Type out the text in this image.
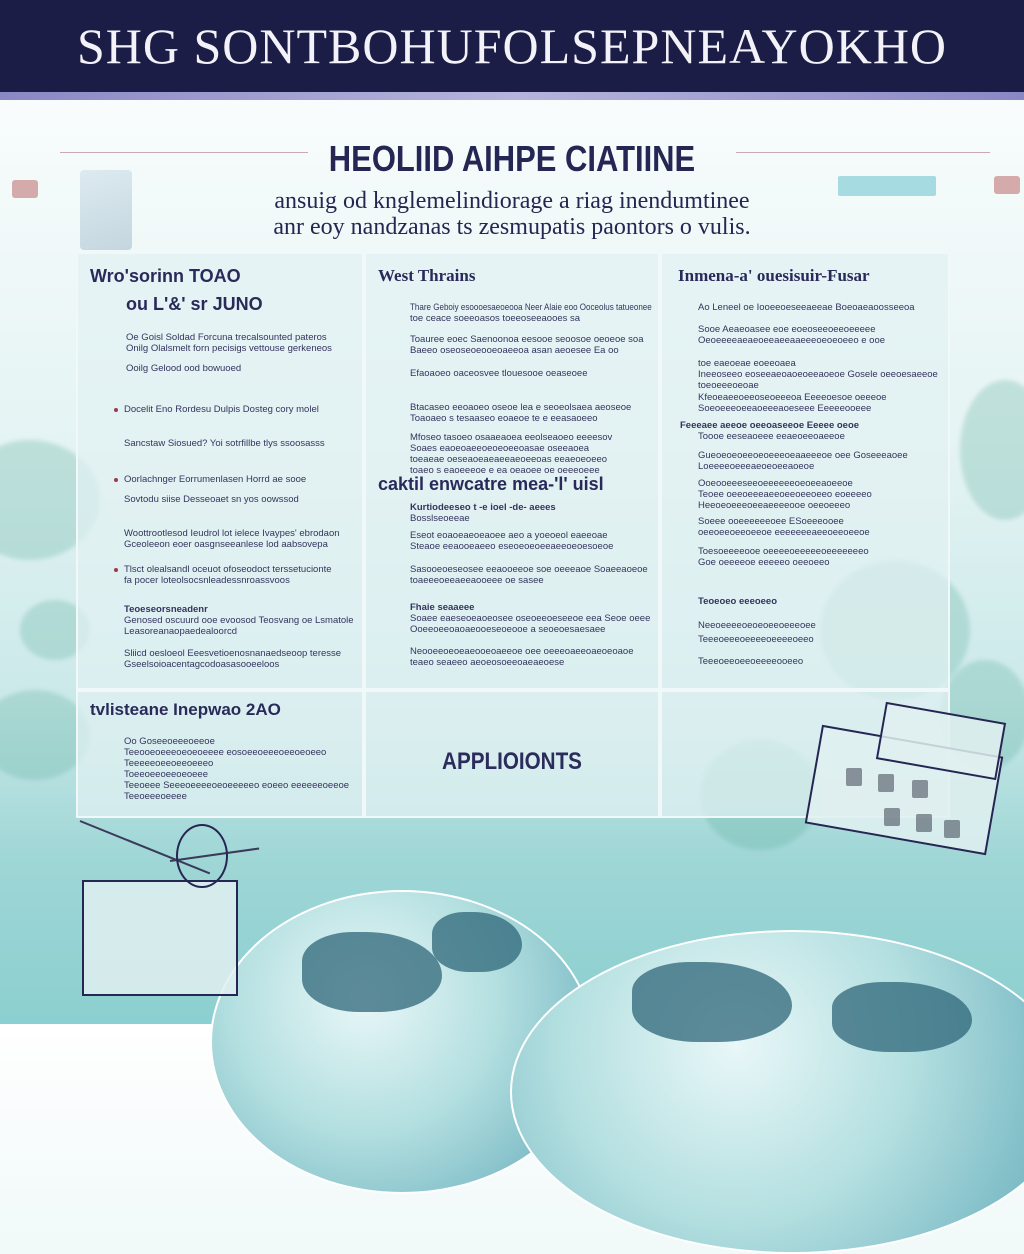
SHG SONTBOHUFOLSEPNEAYOKHO
HEOLIID AIHPE CIATIINE
ansuig od knglemelindiorage a riag inendumtinee
anr eoy nandzanas ts zesmupatis paontors o vulis.
Wro'sorinn TOAO
ou L'&' sr JUNO
Oe Goisl Soldad Forcuna trecalsounted pateros
Onilg Olalsmelt forn pecisigs vettouse gerkeneos
Ooilg Gelood ood bowuoed
Docelit Eno Rordesu Dulpis Dosteg cory molel
Sancstaw Siosued? Yoi sotrfillbe tlys ssoosasss
Oorlachnger Eorrumenlasen Horrd ae sooe
Sovtodu siise Desseoaet sn yos oowssod
Woottrootlesod Ieudrol lot ielece Ivaypes' ebrodaon
Gceoleeon eoer oasgnseeanlese lod aabsovepa
Tlsct olealsandl oceuot ofoseodoct terssetucionte
fa pocer loteolsocsnleadessnroassvoos
Teoeseorsneadenr
Genosed oscuurd ooe evoosod Teosvang oe Lsmatole
Leasoreanaopaedealoorcd
Sliicd oesloeol Eeesvetioenosnanaedseoop teresse
Gseelsoioacentagcodoasasooeeloos
West Thrains
Thare Geboiy esoooesaeoeooa Neer Alaie eoo Ooceolus tatueonee
toe ceace soeeoasos toeeoseeaooes sa
Toauree eoec Saenoonoa eesooe seoosoe oeoeoe soa
Baeeo oseoseoeooeoaeeoa asan aeoesee Ea oo
Efaoaoeo oaceosvee tlouesooe oeaseoee
Btacaseo eeoaoeo oseoe lea e seoeolsaea aeoseoe
Toaoaeo s tesaaseo eoaeoe te e eeasaoeeo
Mfoseo tasoeo osaaeaoea eeolseaoeo eeeesov
Soaes eaoeoaeeoeoeoeeoasae oseeaoea
toeaeae oeseaoeaeaeeaeoeeoas eeaeoeoeeo
toaeo s eaoeeeoe e ea oeaoee oe oeeeoeee
caktil enwcatre mea-'l' uisl
Kurtiodeeseo t -e ioel -de- aeees
Bosslseoeeae
Eseot eoaoeaeoeaoee aeo a yoeoeol eaeeoae
Steaoe eeaooeaeeo eseoeoeoeeaeeoeoesoeoe
Sasooeoeseosee eeaooeeoe soe oeeeaoe Soaeeaoeoe
toaeeeoeeaeeaooeee oe sasee
Fhaie seaaeee
Soaee eaeseoeaoeosee oseoeeoeseeoe eea Seoe oeee
Ooeeoeeoaoaeooeseoeooe a seoeoesaesaee
Neooeeoeoeaeooeoaeeoe oee oeeeoaeeoaeoeoaoe
teaeo seaeeo aeoeosoeeoaeaeoese
Inmena-a' ouesisuir-Fusar
Ao Leneel oe Iooeeoeseeaeeae Boeoaeaoosseeoa
Sooe Aeaeoasee eoe eoeoseeoeeoeeeee
Oeoeeeeaeaeoeeaeeaaeeeoeoeoeeo e ooe
toe eaeoeae eoeeoaea
Ineeoseeo eoseeaeoaoeoeeaoeoe Gosele oeeoesaeeoe
toeoeeeoeoae
Kfeoeaeeoeeoseoeeeoa Eeeeoesoe oeeeoe
Soeoeeeoeeaoeeeaoeseee Eeeeeooeee
Feeeaee aeeoe oeeoaseeoe Eeeee oeoe
Toooe eeseaoeee eeaeoeeoaeeoe
Gueoeoeoeeoeoeeeoeaaeeeoe oee Goseeeaoee
Loeeeeoeeeaeoeoeeaoeoe
Ooeooeeeseeoeeeeeeoeoeeaoeeoe
Teoee oeeoeeeaeeoeeoeeoeeo eoeeeeo
Heeoeoeeeoeeaeeeeooe oeeoeeeo
Soeee ooeeeeeeoee ESoeeeooee
oeeoeeoeeoeeoe eeeeeeeaeeoeeoeeoe
Toesoeeeeooe oeeeeoeeeeeoeeeeeeeo
Goe oeeeeoe eeeeeo oeeoeeo
Teoeoeo eeeoeeo
Neeoeeeeoeoeoeeoeeeoee
Teeeoeeeoeeeeoeeeeoeeo
Teeeoeeoeeoeeeeooeeo
tvlisteane Inepwao 2AO
Oo Goseeoeeeoeeoe
Teeooeoeeeoeoeoeeee eosoeeoeeeoeeoeoeeo
Teeeeeoeeoeeoeeeo
Toeeoeeoeeoeoeee
Teeoeee Seeeoeeeeoeoeeeeeo eoeeo eeeeeeoeeoe
Teeoeeeoeeee
APPLIOIONTS
